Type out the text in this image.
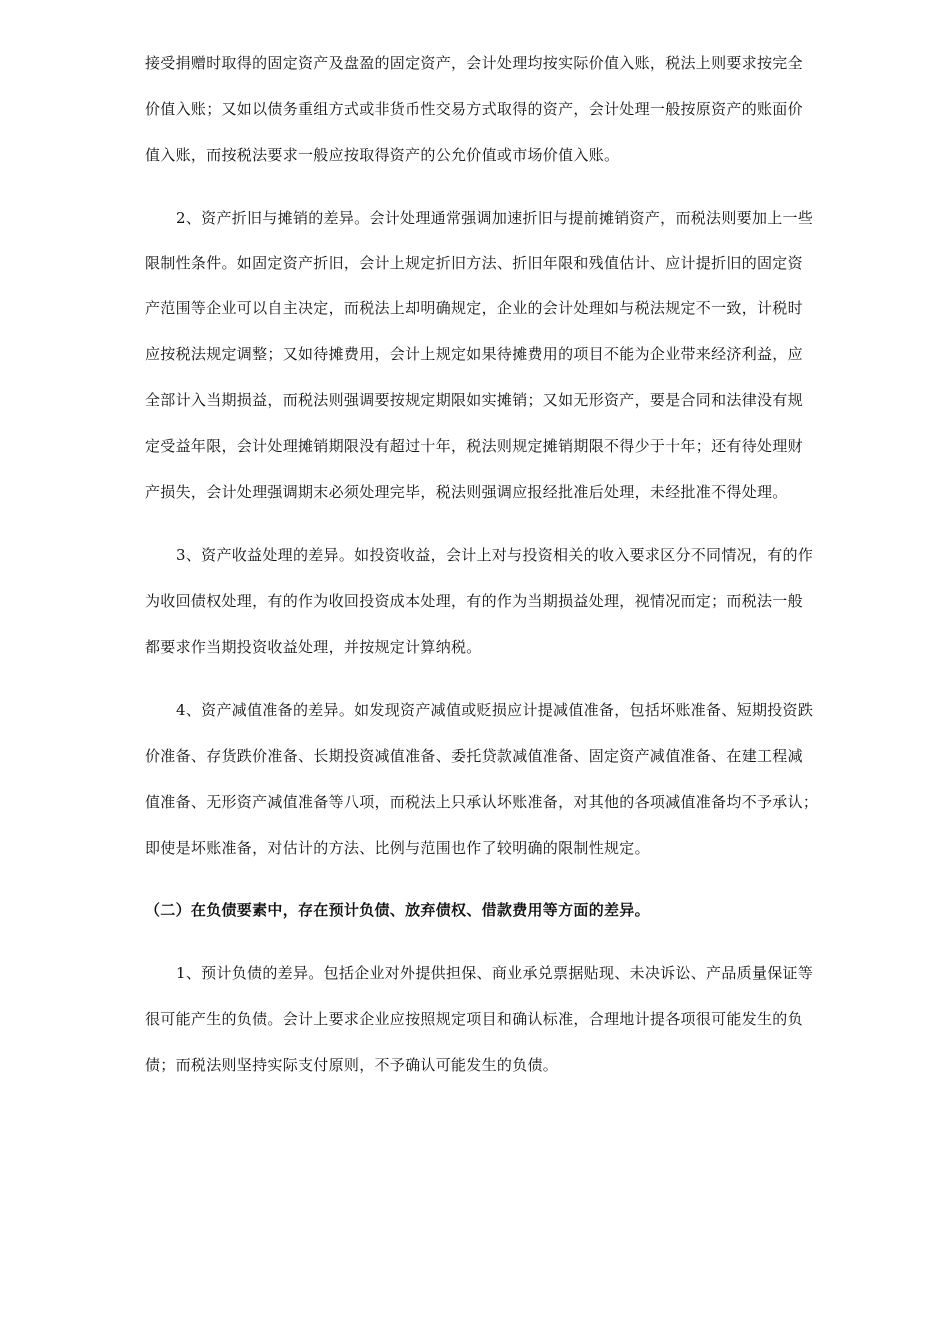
接受捐赠时取得的固定资产及盘盈的固定资产，会计处理均按实际价值入账，税法上则要求按完全
价值入账；又如以债务重组方式或非货币性交易方式取得的资产，会计处理一般按原资产的账面价
值入账，而按税法要求一般应按取得资产的公允价值或市场价值入账。
2、资产折旧与摊销的差异。会计处理通常强调加速折旧与提前摊销资产，而税法则要加上一些
限制性条件。如固定资产折旧，会计上规定折旧方法、折旧年限和残值估计、应计提折旧的固定资
产范围等企业可以自主决定，而税法上却明确规定，企业的会计处理如与税法规定不一致，计税时
应按税法规定调整；又如待摊费用，会计上规定如果待摊费用的项目不能为企业带来经济利益，应
全部计入当期损益，而税法则强调要按规定期限如实摊销；又如无形资产，要是合同和法律没有规
定受益年限，会计处理摊销期限没有超过十年，税法则规定摊销期限不得少于十年；还有待处理财
产损失，会计处理强调期末必须处理完毕，税法则强调应报经批准后处理，未经批准不得处理。
3、资产收益处理的差异。如投资收益，会计上对与投资相关的收入要求区分不同情况，有的作
为收回债权处理，有的作为收回投资成本处理，有的作为当期损益处理，视情况而定；而税法一般
都要求作当期投资收益处理，并按规定计算纳税。
4、资产减值准备的差异。如发现资产减值或贬损应计提减值准备，包括坏账准备、短期投资跌
价准备、存货跌价准备、长期投资减值准备、委托贷款减值准备、固定资产减值准备、在建工程减
值准备、无形资产减值准备等八项，而税法上只承认坏账准备，对其他的各项减值准备均不予承认；
即使是坏账准备，对估计的方法、比例与范围也作了较明确的限制性规定。
（二）在负债要素中，存在预计负债、放弃债权、借款费用等方面的差异。
1、预计负债的差异。包括企业对外提供担保、商业承兑票据贴现、未决诉讼、产品质量保证等
很可能产生的负债。会计上要求企业应按照规定项目和确认标准，合理地计提各项很可能发生的负
债；而税法则坚持实际支付原则，不予确认可能发生的负债。
